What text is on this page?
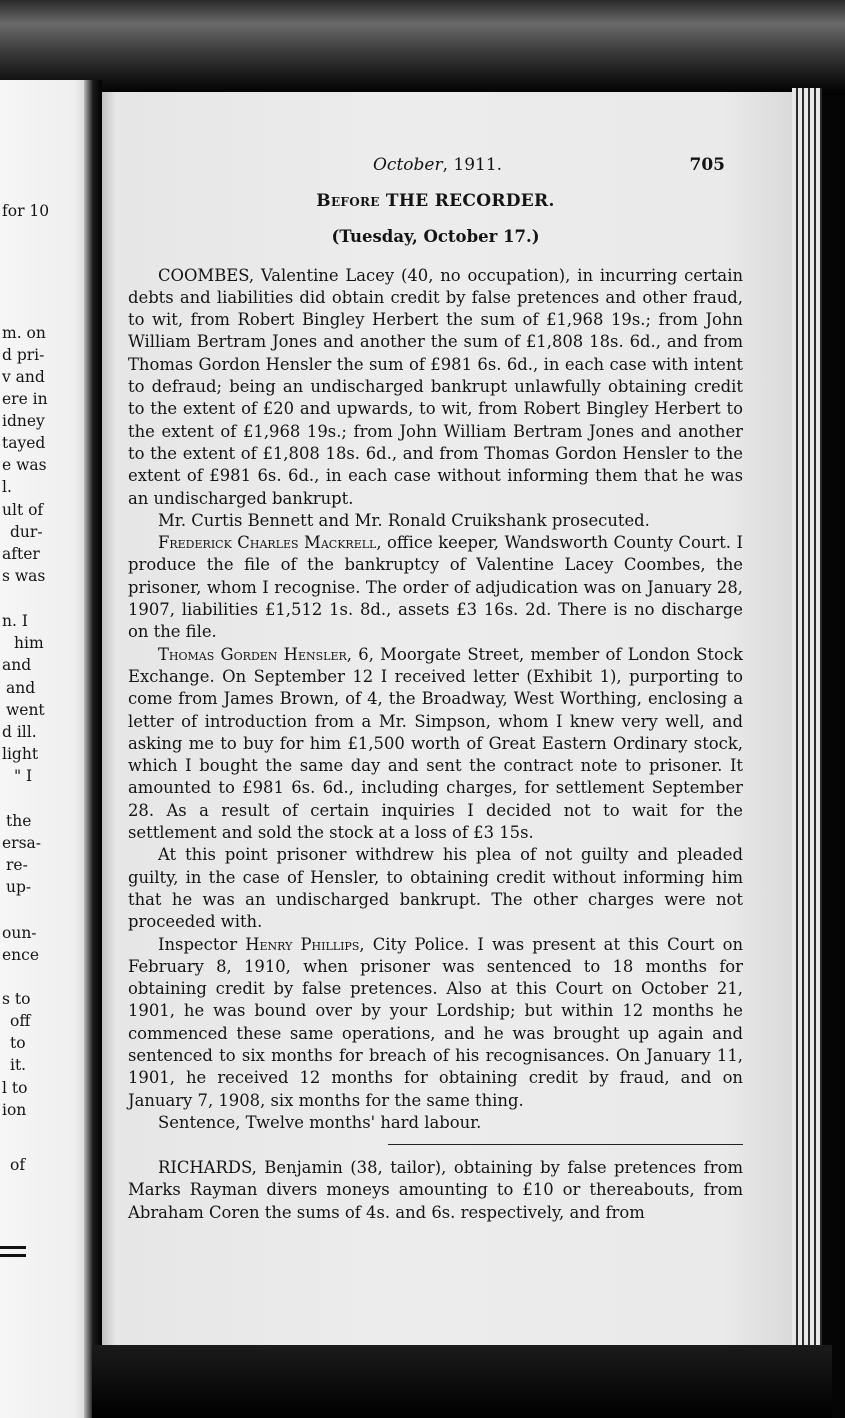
for 10
m. on
d pri-
v and
ere in
idney
tayed
e was
l.
ult of
dur-
after
s was
n. I
him
and
and
went
d ill.
light
" I
the
ersa-
re-
up-
oun-
ence
s to
off
to
it.
l to
ion
of
October, 1911.	705
Before THE RECORDER.
(Tuesday, October 17.)

COOMBES, Valentine Lacey (40, no occupation), in incurring certain debts and liabilities did obtain credit by false pretences and other fraud, to wit, from Robert Bingley Herbert the sum of £1,968 19s.; from John William Bertram Jones and another the sum of £1,808 18s. 6d., and from Thomas Gordon Hensler the sum of £981 6s. 6d., in each case with intent to defraud; being an undischarged bankrupt unlawfully obtaining credit to the extent of £20 and upwards, to wit, from Robert Bingley Herbert to the extent of £1,968 19s.; from John William Bertram Jones and another to the extent of £1,808 18s. 6d., and from Thomas Gordon Hensler to the extent of £981 6s. 6d., in each case without informing them that he was an undischarged bankrupt.

Mr. Curtis Bennett and Mr. Ronald Cruikshank prosecuted.

Frederick Charles Mackrell, office keeper, Wandsworth County Court. I produce the file of the bankruptcy of Valentine Lacey Coombes, the prisoner, whom I recognise. The order of adjudication was on January 28, 1907, liabilities £1,512 1s. 8d., assets £3 16s. 2d. There is no discharge on the file.

Thomas Gorden Hensler, 6, Moorgate Street, member of London Stock Exchange. On September 12 I received letter (Exhibit 1), purporting to come from James Brown, of 4, the Broadway, West Worthing, enclosing a letter of introduction from a Mr. Simpson, whom I knew very well, and asking me to buy for him £1,500 worth of Great Eastern Ordinary stock, which I bought the same day and sent the contract note to prisoner. It amounted to £981 6s. 6d., including charges, for settlement September 28. As a result of certain inquiries I decided not to wait for the settlement and sold the stock at a loss of £3 15s.

At this point prisoner withdrew his plea of not guilty and pleaded guilty, in the case of Hensler, to obtaining credit without informing him that he was an undischarged bankrupt. The other charges were not proceeded with.

Inspector Henry Phillips, City Police. I was present at this Court on February 8, 1910, when prisoner was sentenced to 18 months for obtaining credit by false pretences. Also at this Court on October 21, 1901, he was bound over by your Lordship; but within 12 months he commenced these same operations, and he was brought up again and sentenced to six months for breach of his recognisances. On January 11, 1901, he received 12 months for obtaining credit by fraud, and on January 7, 1908, six months for the same thing.

Sentence, Twelve months' hard labour.

RICHARDS, Benjamin (38, tailor), obtaining by false pretences from Marks Rayman divers moneys amounting to £10 or thereabouts, from Abraham Coren the sums of 4s. and 6s. respectively, and from
